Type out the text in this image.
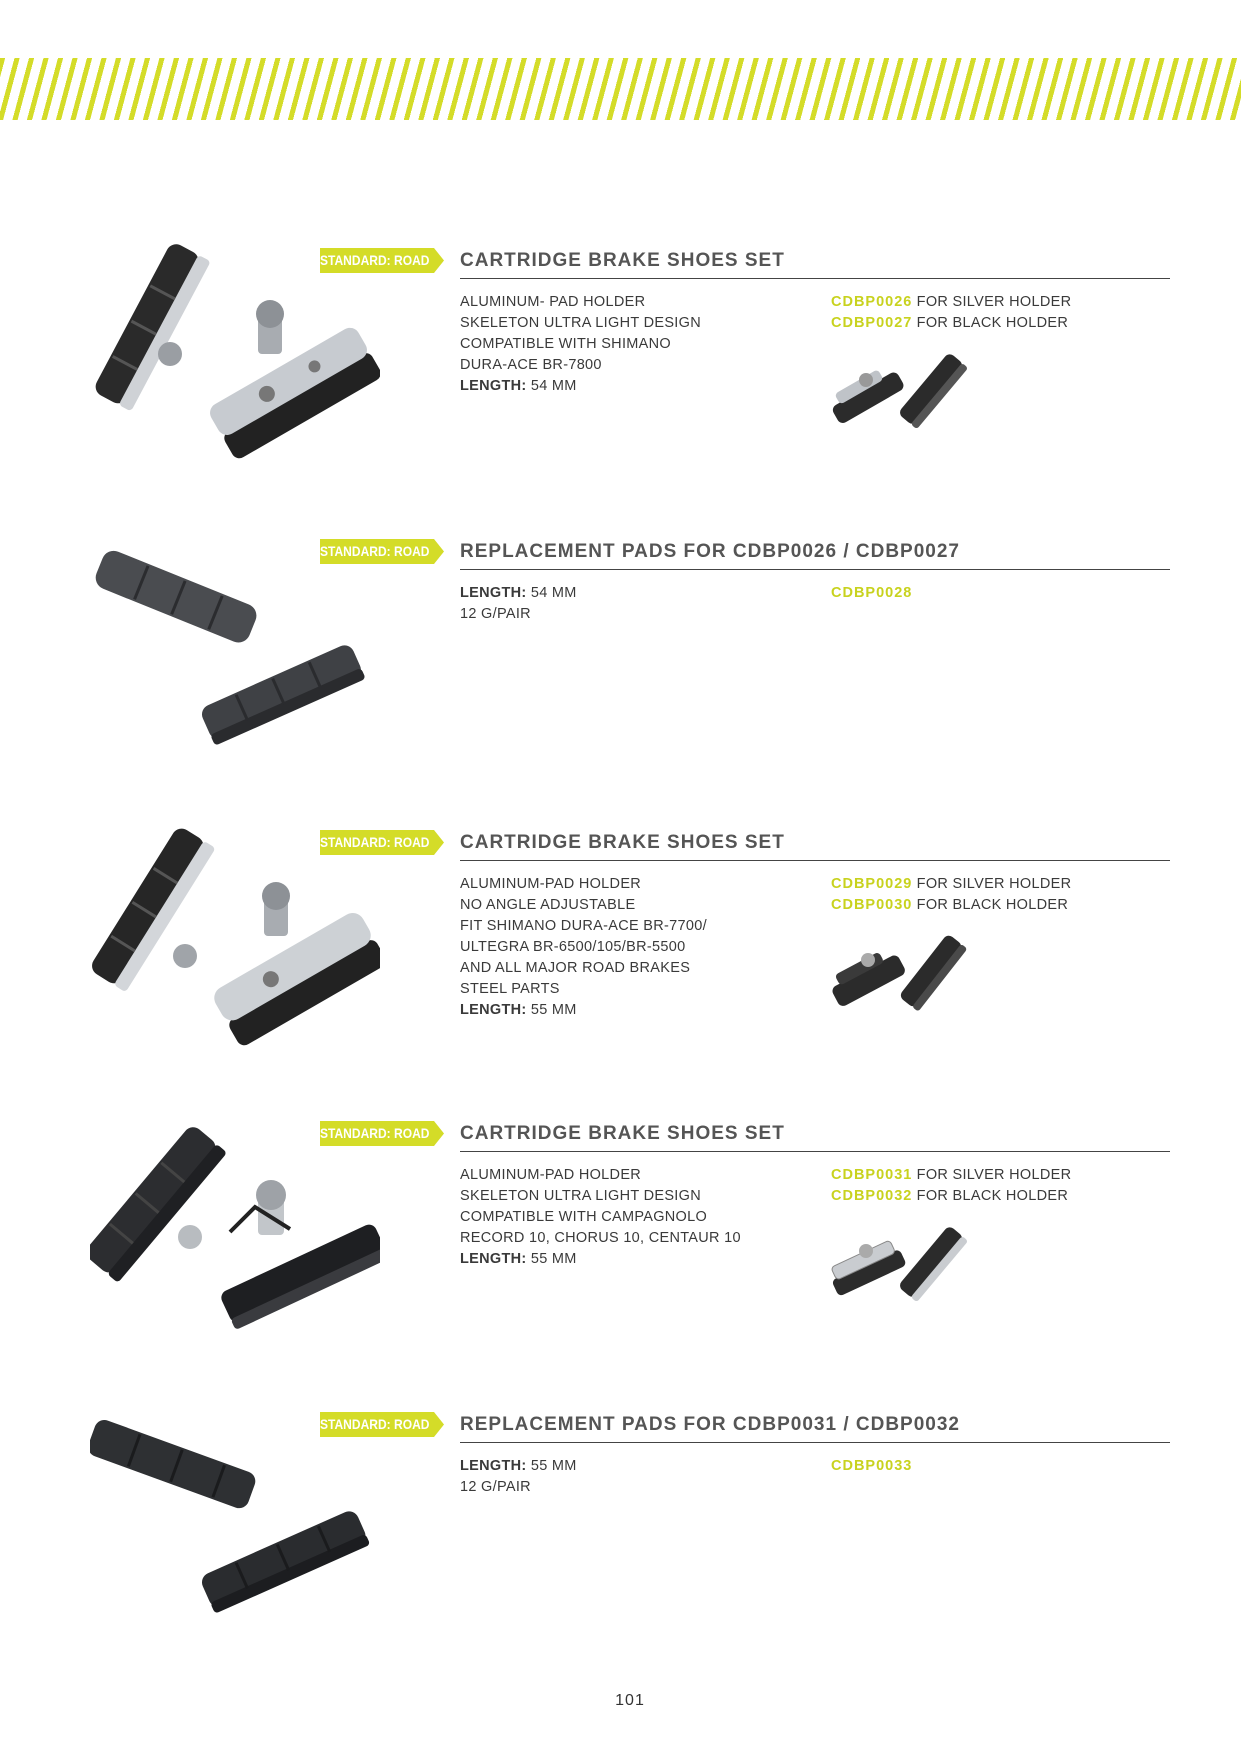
STANDARD: ROAD CARTRIDGE BRAKE SHOES SET
ALUMINUM- PAD HOLDER
SKELETON ULTRA LIGHT DESIGN
COMPATIBLE WITH SHIMANO
DURA-ACE BR-7800
LENGTH: 54 MM
CDBP0026 FOR SILVER HOLDER
CDBP0027 FOR BLACK HOLDER
STANDARD: ROAD REPLACEMENT PADS FOR CDBP0026 / CDBP0027
LENGTH: 54 MM
12 G/PAIR
CDBP0028
STANDARD: ROAD CARTRIDGE BRAKE SHOES SET
ALUMINUM-PAD HOLDER
NO ANGLE ADJUSTABLE
FIT SHIMANO DURA-ACE BR-7700/
ULTEGRA BR-6500/105/BR-5500
AND ALL MAJOR ROAD BRAKES
STEEL PARTS
LENGTH: 55 MM
CDBP0029 FOR SILVER HOLDER
CDBP0030 FOR BLACK HOLDER
STANDARD: ROAD CARTRIDGE BRAKE SHOES SET
ALUMINUM-PAD HOLDER
SKELETON ULTRA LIGHT DESIGN
COMPATIBLE WITH CAMPAGNOLO
RECORD 10, CHORUS 10, CENTAUR 10
LENGTH: 55 MM
CDBP0031 FOR SILVER HOLDER
CDBP0032 FOR BLACK HOLDER
STANDARD: ROAD REPLACEMENT PADS FOR CDBP0031 / CDBP0032
LENGTH: 55 MM
12 G/PAIR
CDBP0033
101
